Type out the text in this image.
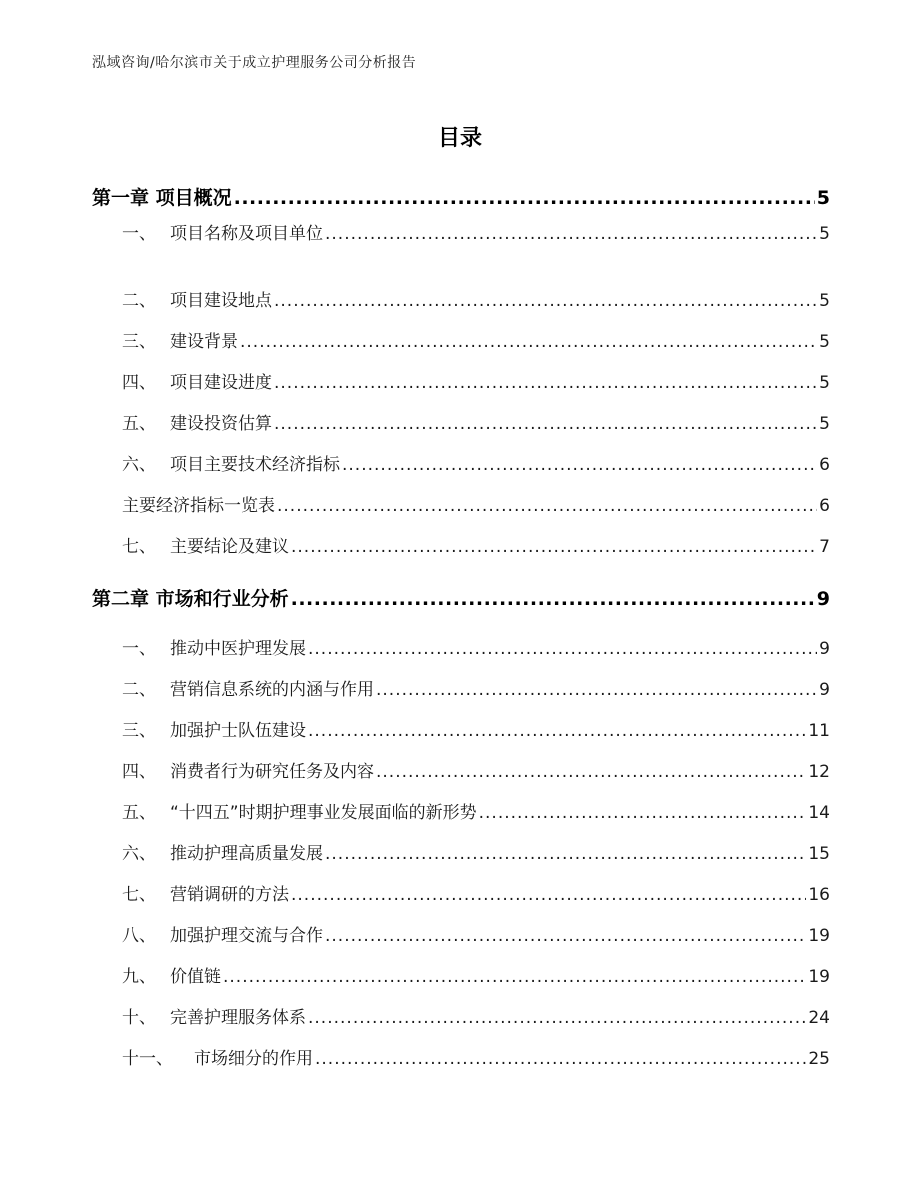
泓域咨询/哈尔滨市关于成立护理服务公司分析报告
目录
第一章 项目概况 .....	5
一、 项目名称及项目单位 .....	5
二、 项目建设地点 .....	5
三、 建设背景 .....	5
四、 项目建设进度 .....	5
五、 建设投资估算 .....	5
六、 项目主要技术经济指标 .....	6
主要经济指标一览表 .....	6
七、 主要结论及建议 .....	7
第二章 市场和行业分析 .....	9
一、 推动中医护理发展 .....	9
二、 营销信息系统的内涵与作用 .....	9
三、 加强护士队伍建设 .....	11
四、 消费者行为研究任务及内容 .....	12
五、 “十四五”时期护理事业发展面临的新形势 .....	14
六、 推动护理高质量发展 .....	15
七、 营销调研的方法 .....	16
八、 加强护理交流与合作 .....	19
九、 价值链 .....	19
十、 完善护理服务体系 .....	24
十一、	市场细分的作用 .....	25
